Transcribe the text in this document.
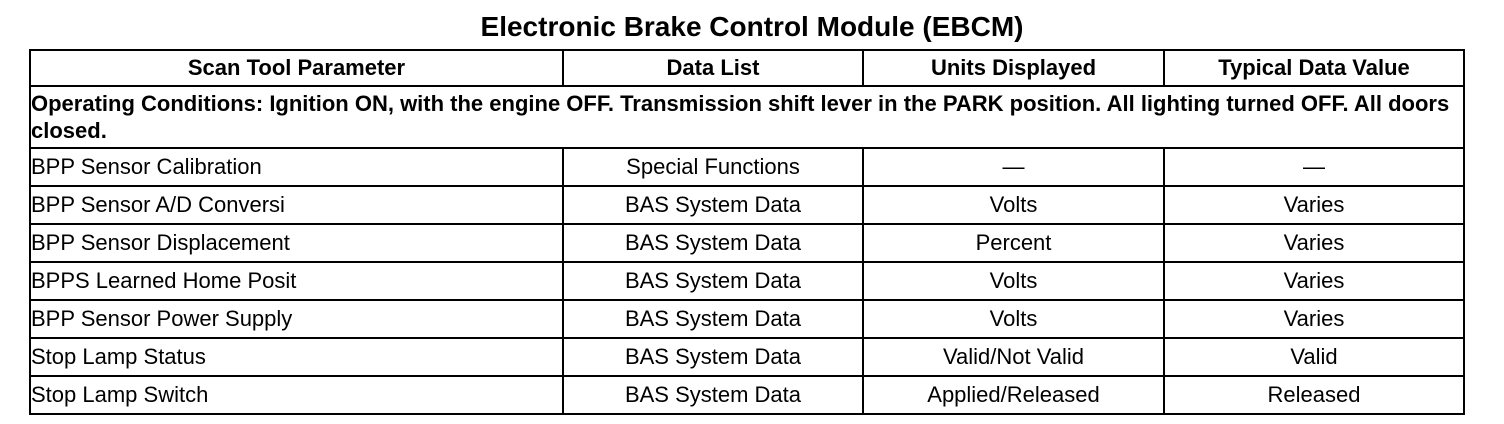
Electronic Brake Control Module (EBCM)
Scan Tool Parameter	Data List	Units Displayed	Typical Data Value
Operating Conditions: Ignition ON, with the engine OFF. Transmission shift lever in the PARK position. All lighting turned OFF. All doors closed.			
BPP Sensor Calibration	Special Functions	—	—
BPP Sensor A/D Conversi	BAS System Data	Volts	Varies
BPP Sensor Displacement	BAS System Data	Percent	Varies
BPPS Learned Home Posit	BAS System Data	Volts	Varies
BPP Sensor Power Supply	BAS System Data	Volts	Varies
Stop Lamp Status	BAS System Data	Valid/Not Valid	Valid
Stop Lamp Switch	BAS System Data	Applied/Released	Released
